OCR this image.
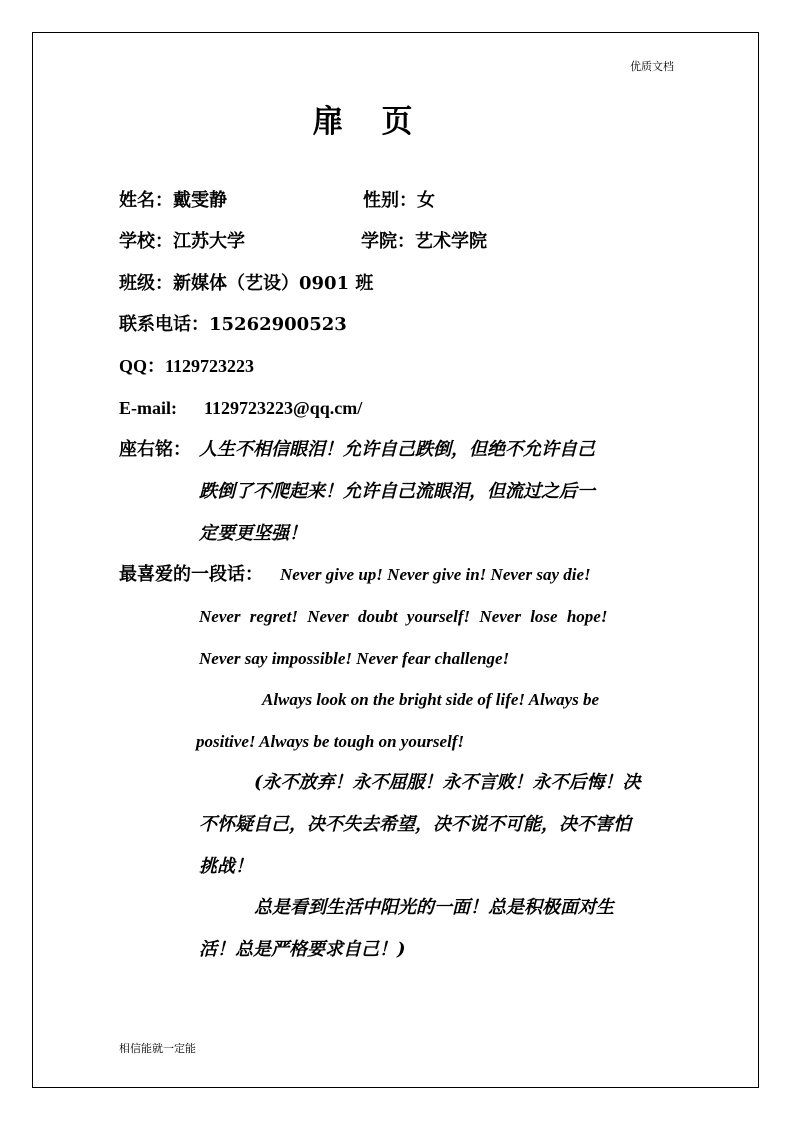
优质文档
扉页
姓名：戴雯静	性别：女
学校：江苏大学	学院：艺术学院
班级：新媒体（艺设）0901 班
联系电话：15262900523
QQ：1129723223
E-mail: 1129723223@qq.cm/
座右铭： 人生不相信眼泪！允许自己跌倒，但绝不允许自己
跌倒了不爬起来！允许自己流眼泪，但流过之后一
定要更坚强！
最喜爱的一段话： Never give up! Never give in! Never say die!
Never regret! Never doubt yourself! Never lose hope!
Never say impossible! Never fear challenge!
Always look on the bright side of life! Always be
positive! Always be tough on yourself!
(永不放弃！永不屈服！永不言败！永不后悔！决
不怀疑自己，决不失去希望，决不说不可能，决不害怕
挑战！
总是看到生活中阳光的一面！总是积极面对生
活！总是严格要求自己！)
相信能就一定能
